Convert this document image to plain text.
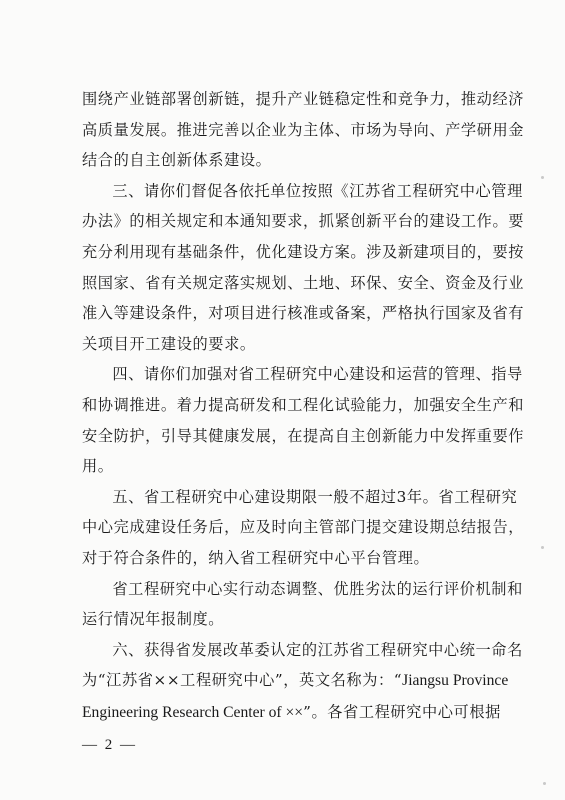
围绕产业链部署创新链，提升产业链稳定性和竞争力，推动经济
高质量发展。推进完善以企业为主体、市场为导向、产学研用金
结合的自主创新体系建设。

三、请你们督促各依托单位按照《江苏省工程研究中心管理
办法》的相关规定和本通知要求，抓紧创新平台的建设工作。要
充分利用现有基础条件，优化建设方案。涉及新建项目的，要按
照国家、省有关规定落实规划、土地、环保、安全、资金及行业
准入等建设条件，对项目进行核准或备案，严格执行国家及省有
关项目开工建设的要求。

四、请你们加强对省工程研究中心建设和运营的管理、指导
和协调推进。着力提高研发和工程化试验能力，加强安全生产和
安全防护，引导其健康发展，在提高自主创新能力中发挥重要作
用。

五、省工程研究中心建设期限一般不超过3年。省工程研究
中心完成建设任务后，应及时向主管部门提交建设期总结报告，
对于符合条件的，纳入省工程研究中心平台管理。

省工程研究中心实行动态调整、优胜劣汰的运行评价机制和
运行情况年报制度。

六、获得省发展改革委认定的江苏省工程研究中心统一命名
为“江苏省××工程研究中心”，英文名称为：“Jiangsu Province
Engineering Research Center of ××”。各省工程研究中心可根据

— 2 —
